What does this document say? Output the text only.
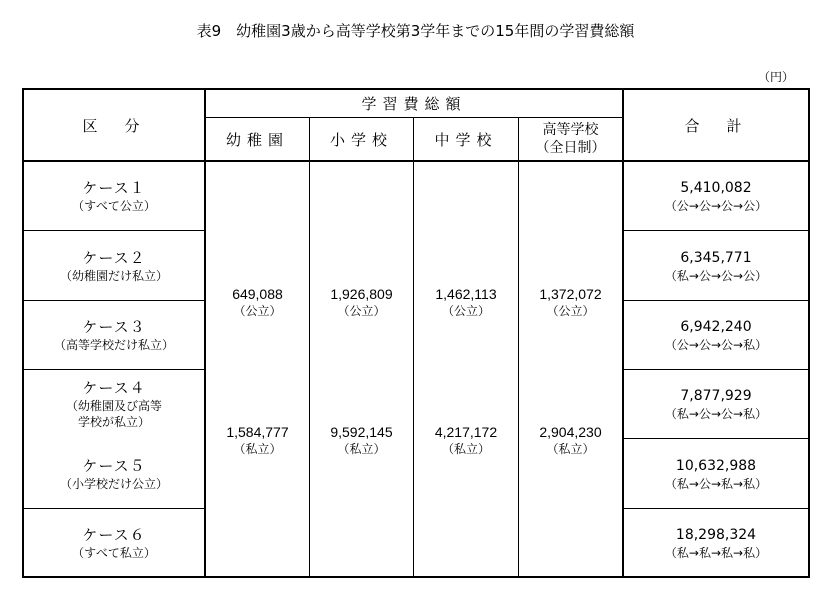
表9　幼稚園3歳から高等学校第3学年までの15年間の学習費総額
（円）
区　分
学習費総額
幼稚園	小学校	中学校
高等学校
（全日制）
合　計
ケース１
（すべて公立）
ケース２
（幼稚園だけ私立）
ケース３
（高等学校だけ私立）
ケース４
（幼稚園及び高等
学校が私立）
ケース５
（小学校だけ公立）
ケース６
（すべて私立）
649,088
（公立）
1,926,809
（公立）
1,462,113
（公立）
1,372,072
（公立）
1,584,777
（私立）
9,592,145
（私立）
4,217,172
（私立）
2,904,230
（私立）
5,410,082
（公→公→公→公）
6,345,771
（私→公→公→公）
6,942,240
（公→公→公→私）
7,877,929
（私→公→公→私）
10,632,988
（私→公→私→私）
18,298,324
（私→私→私→私）
